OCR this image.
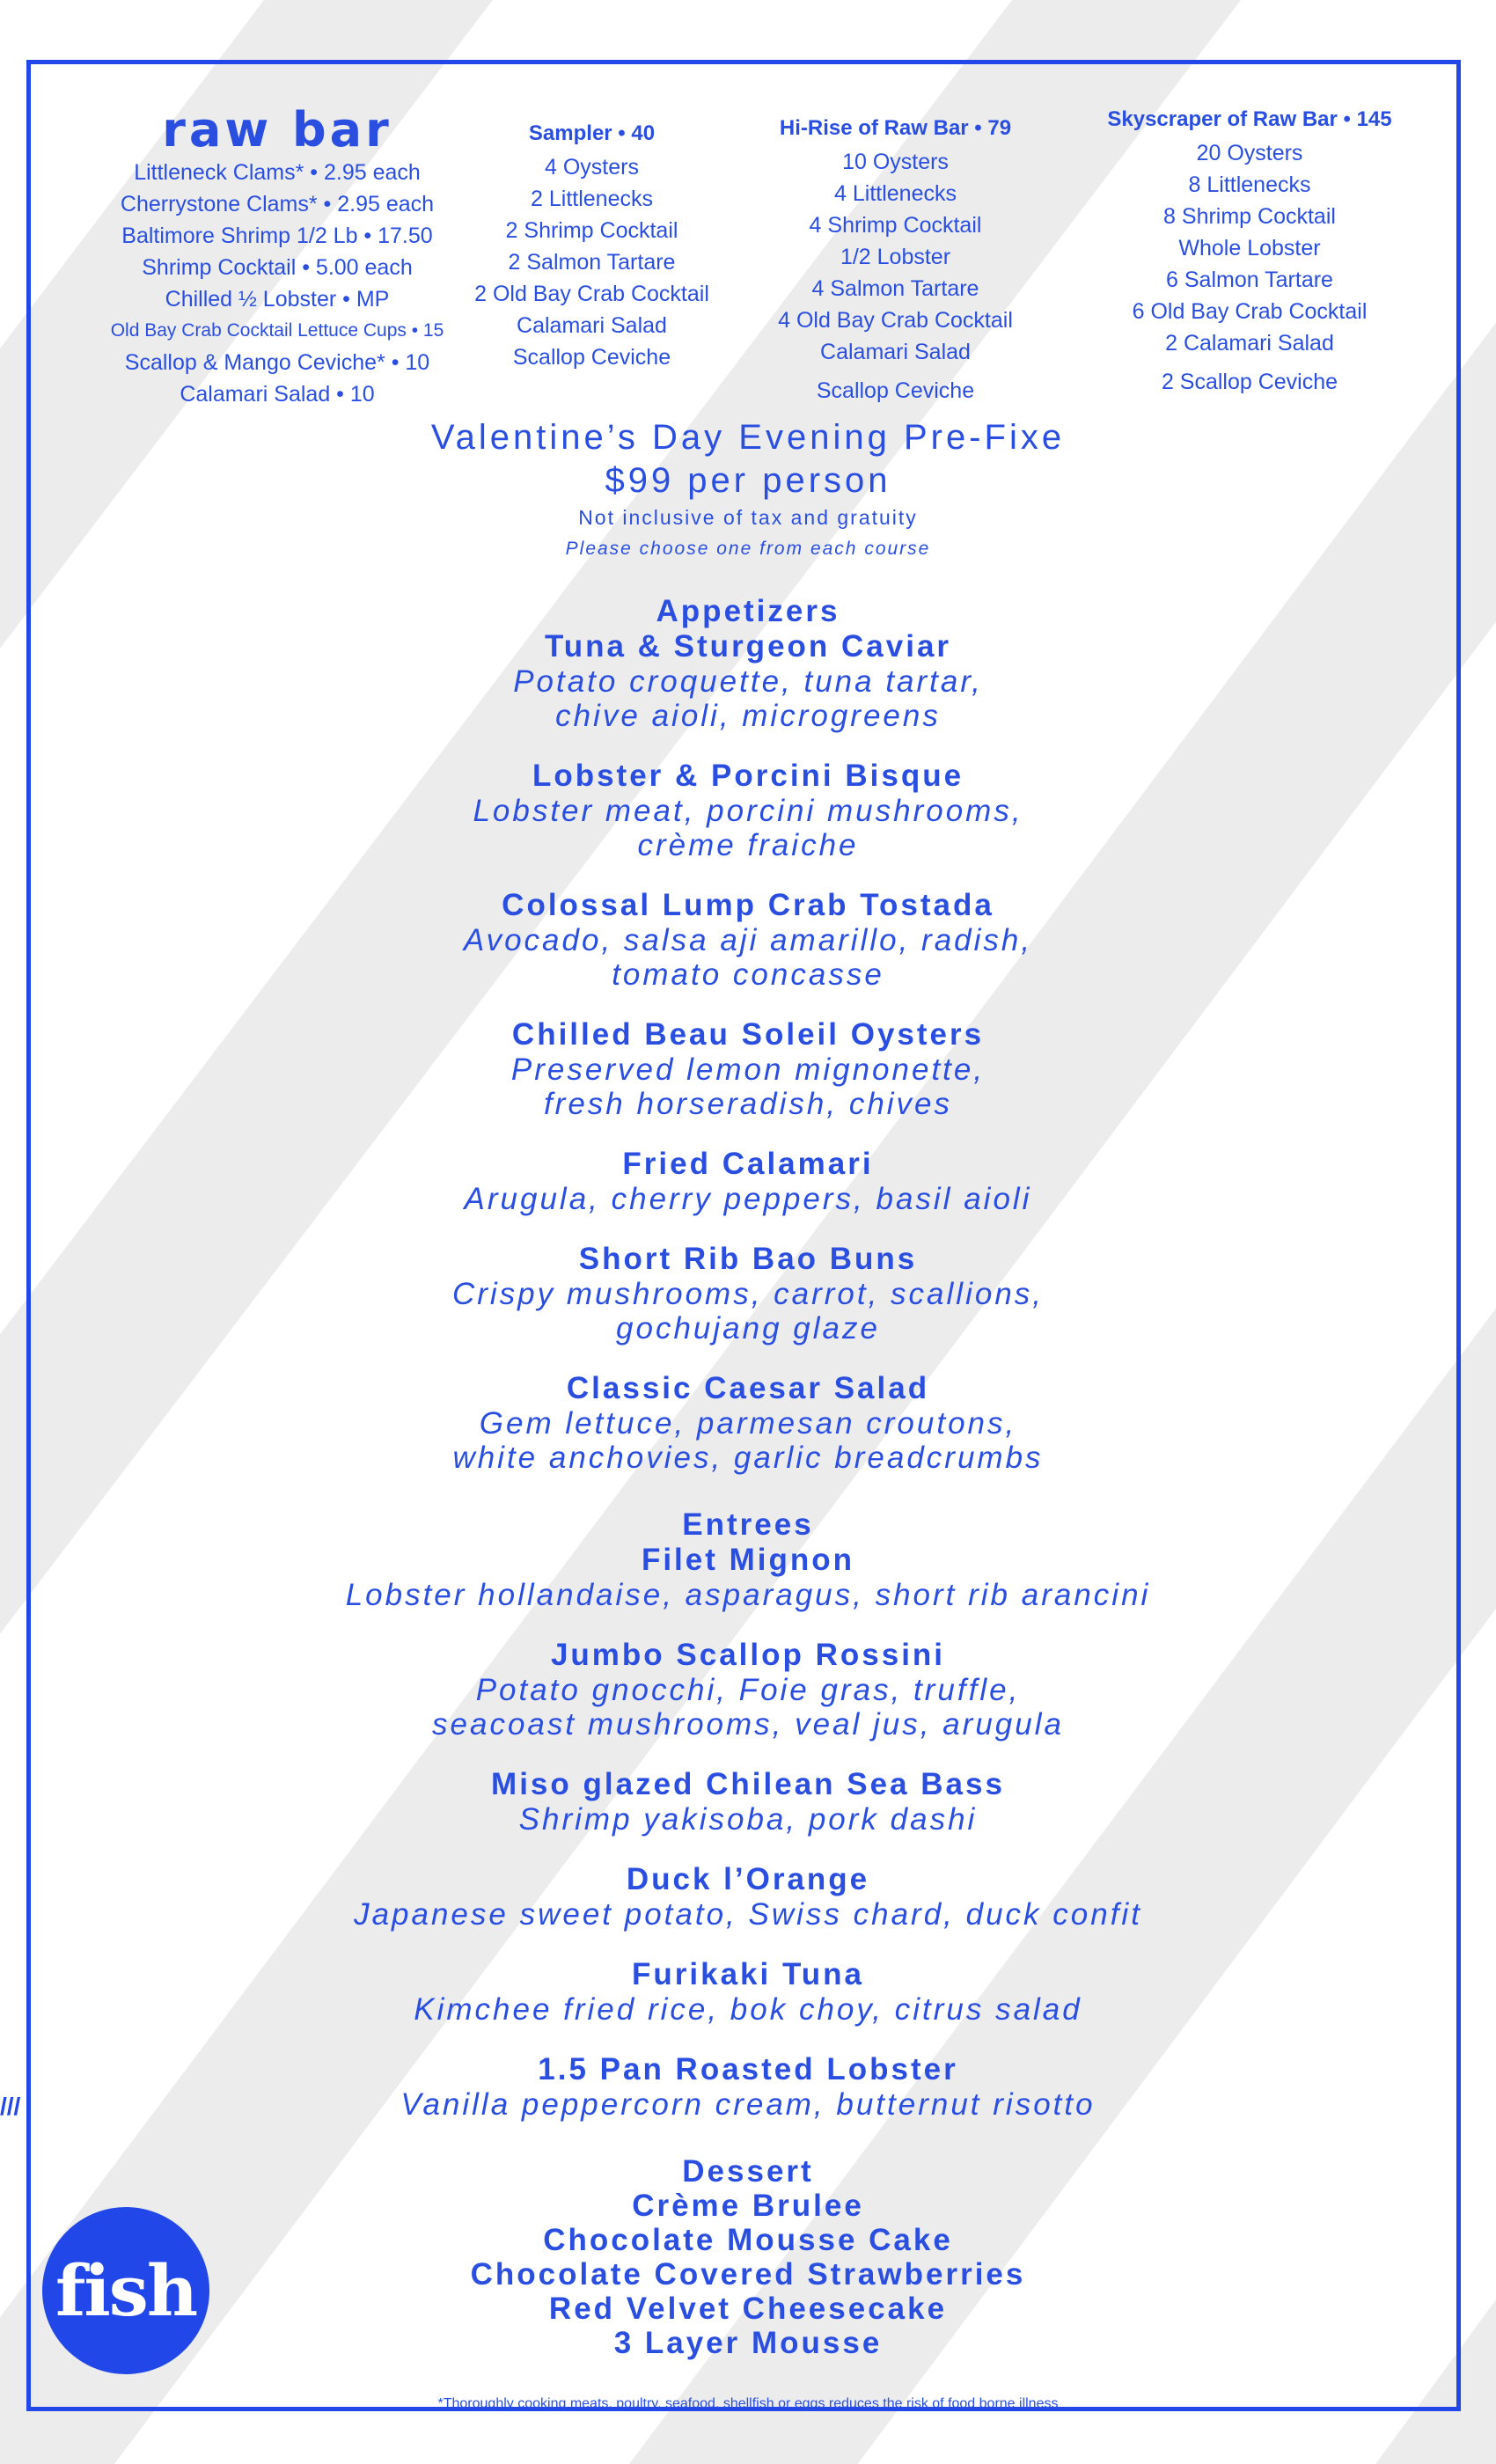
raw bar

Littleneck Clams* • 2.95 each

Cherrystone Clams* • 2.95 each

Baltimore Shrimp 1/2 Lb • 17.50

Shrimp Cocktail • 5.00 each

Chilled ½ Lobster • MP

Old Bay Crab Cocktail Lettuce Cups • 15

Scallop & Mango Ceviche* • 10

Calamari Salad • 10

Sampler • 40

4 Oysters

2 Littlenecks

2 Shrimp Cocktail

2 Salmon Tartare

2 Old Bay Crab Cocktail

Calamari Salad

Scallop Ceviche

Hi-Rise of Raw Bar • 79

10 Oysters

4 Littlenecks

4 Shrimp Cocktail

1/2 Lobster

4 Salmon Tartare

4 Old Bay Crab Cocktail

Calamari Salad

Scallop Ceviche

Skyscraper of Raw Bar • 145

20 Oysters

8 Littlenecks

8 Shrimp Cocktail

Whole Lobster

6 Salmon Tartare

6 Old Bay Crab Cocktail

2 Calamari Salad

2 Scallop Ceviche

Valentine’s Day Evening Pre-Fixe

$99 per person

Not inclusive of tax and gratuity

Please choose one from each course

Appetizers

Tuna & Sturgeon Caviar

Potato croquette, tuna tartar,

chive aioli, microgreens

Lobster & Porcini Bisque

Lobster meat, porcini mushrooms,

crème fraiche

Colossal Lump Crab Tostada

Avocado, salsa aji amarillo, radish,

tomato concasse

Chilled Beau Soleil Oysters

Preserved lemon mignonette,

fresh horseradish, chives

Fried Calamari

Arugula, cherry peppers, basil aioli

Short Rib Bao Buns

Crispy mushrooms, carrot, scallions,

gochujang glaze

Classic Caesar Salad

Gem lettuce, parmesan croutons,

white anchovies, garlic breadcrumbs

Entrees

Filet Mignon

Lobster hollandaise, asparagus, short rib arancini

Jumbo Scallop Rossini

Potato gnocchi, Foie gras, truffle,

seacoast mushrooms, veal jus, arugula

Miso glazed Chilean Sea Bass

Shrimp yakisoba, pork dashi

Duck l’Orange

Japanese sweet potato, Swiss chard, duck confit

Furikaki Tuna

Kimchee fried rice, bok choy, citrus salad

1.5 Pan Roasted Lobster

Vanilla peppercorn cream, butternut risotto

Dessert

Crème Brulee

Chocolate Mousse Cake

Chocolate Covered Strawberries

Red Velvet Cheesecake

3 Layer Mousse

*Thoroughly cooking meats, poultry, seafood, shellfish or eggs reduces the risk of food borne illness

///
fish
